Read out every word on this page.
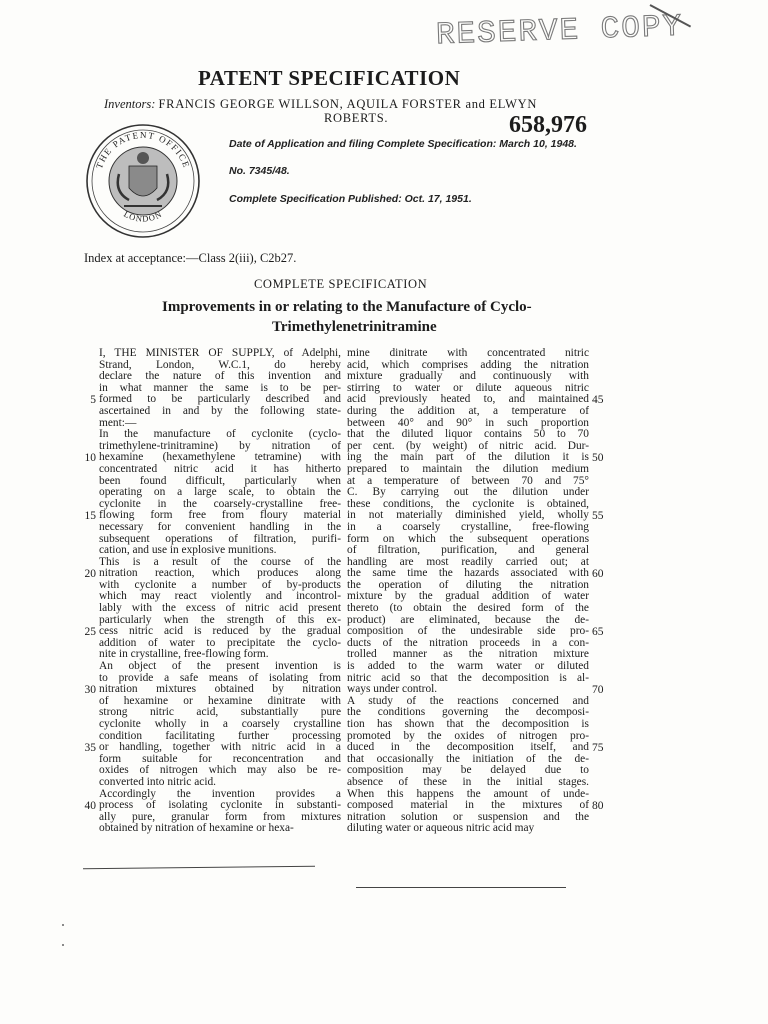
RESERVE COPY
PATENT SPECIFICATION
Inventors: FRANCIS GEORGE WILLSON, AQUILA FORSTER and ELWYN
ROBERTS.	658,976
THE PATENT OFFICE
LONDON
Date of Application and filing Complete Specification: March 10, 1948.
No. 7345/48.
Complete Specification Published: Oct. 17, 1951.
Index at acceptance:—Class 2(iii), C2b27.
COMPLETE SPECIFICATION
Improvements in or relating to the Manufacture of Cyclo-
Trimethylenetrinitramine
I, THE MINISTER OF SUPPLY, of Adelphi,
Strand, London, W.C.1, do hereby
declare the nature of this invention and
in what manner the same is to be per-
formed to be particularly described and
ascertained in and by the following state-
ment:—
In the manufacture of cyclonite (cyclo-
trimethylene-trinitramine) by nitration of
hexamine (hexamethylene tetramine) with
concentrated nitric acid it has hitherto
been found difficult, particularly when
operating on a large scale, to obtain the
cyclonite in the coarsely-crystalline free-
flowing form free from floury material
necessary for convenient handling in the
subsequent operations of filtration, purifi-
cation, and use in explosive munitions.
This is a result of the course of the
nitration reaction, which produces along
with cyclonite a number of by-products
which may react violently and incontrol-
lably with the excess of nitric acid present
particularly when the strength of this ex-
cess nitric acid is reduced by the gradual
addition of water to precipitate the cyclo-
nite in crystalline, free-flowing form.
An object of the present invention is
to provide a safe means of isolating from
nitration mixtures obtained by nitration
of hexamine or hexamine dinitrate with
strong nitric acid, substantially pure
cyclonite wholly in a coarsely crystalline
condition facilitating further processing
or handling, together with nitric acid in a
form suitable for reconcentration and
oxides of nitrogen which may also be re-
converted into nitric acid.
Accordingly the invention provides a
process of isolating cyclonite in substanti-
ally pure, granular form from mixtures
obtained by nitration of hexamine or hexa-
mine dinitrate with concentrated nitric
acid, which comprises adding the nitration
mixture gradually and continuously with
stirring to water or dilute aqueous nitric
acid previously heated to, and maintained
during the addition at, a temperature of
between 40° and 90° in such proportion
that the diluted liquor contains 50 to 70
per cent. (by weight) of nitric acid. Dur-
ing the main part of the dilution it is
prepared to maintain the dilution medium
at a temperature of between 70 and 75°
C. By carrying out the dilution under
these conditions, the cyclonite is obtained,
in not materially diminished yield, wholly
in a coarsely crystalline, free-flowing
form on which the subsequent operations
of filtration, purification, and general
handling are most readily carried out; at
the same time the hazards associated with
the operation of diluting the nitration
mixture by the gradual addition of water
thereto (to obtain the desired form of the
product) are eliminated, because the de-
composition of the undesirable side pro-
ducts of the nitration proceeds in a con-
trolled manner as the nitration mixture
is added to the warm water or diluted
nitric acid so that the decomposition is al-
ways under control.
A study of the reactions concerned and
the conditions governing the decomposi-
tion has shown that the decomposition is
promoted by the oxides of nitrogen pro-
duced in the decomposition itself, and
that occasionally the initiation of the de-
composition may be delayed due to
absence of these in the initial stages.
When this happens the amount of unde-
composed material in the mixtures of
nitration solution or suspension and the
diluting water or aqueous nitric acid may
5
10
15
20
25
30
35
40
45
50
55
60
65
70
75
80
